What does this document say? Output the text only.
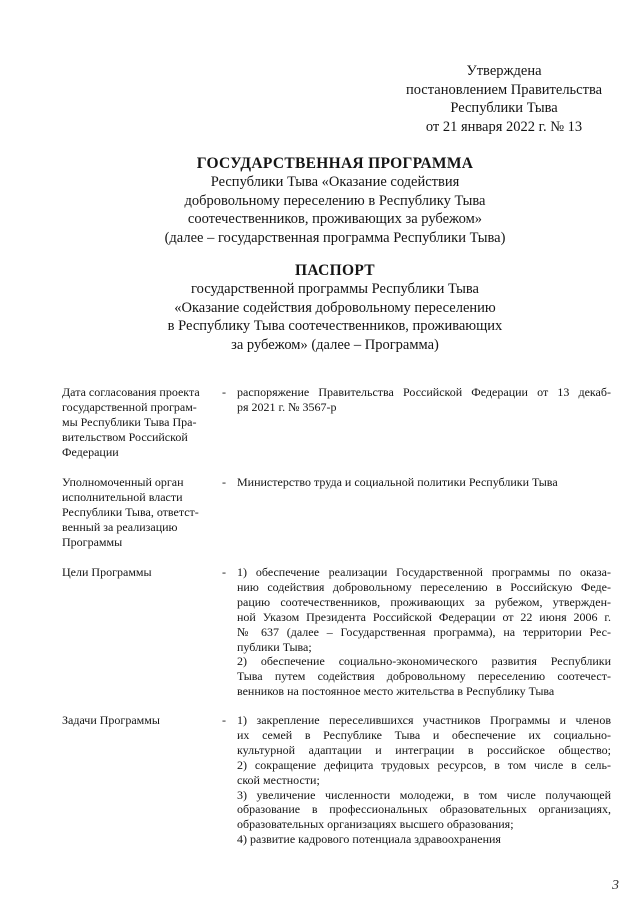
Утверждена
постановлением Правительства
Республики Тыва
от 21 января 2022 г. № 13
ГОСУДАРСТВЕННАЯ ПРОГРАММА
Республики Тыва «Оказание содействия
добровольному переселению в Республику Тыва
соотечественников, проживающих за рубежом»
(далее – государственная программа Республики Тыва)
ПАСПОРТ
государственной программы Республики Тыва
«Оказание содействия добровольному переселению
в Республику Тыва соотечественников, проживающих
за рубежом» (далее – Программа)
Дата согласования проекта
государственной програм-
мы Республики Тыва Пра-
вительством Российской
Федерации
- распоряжение Правительства Российской Федерации от 13 декаб-
ря 2021 г. № 3567-р
Уполномоченный орган
исполнительной власти
Республики Тыва, ответст-
венный за реализацию
Программы
- Министерство труда и социальной политики Республики Тыва
Цели Программы	- 1) обеспечение реализации Государственной программы по оказа-
нию содействия добровольному переселению в Российскую Феде-
рацию соотечественников, проживающих за рубежом, утвержден-
ной Указом Президента Российской Федерации от 22 июня 2006 г.
№ 637 (далее – Государственная программа), на территории Рес-
публики Тыва;
2) обеспечение социально-экономического развития Республики
Тыва путем содействия добровольному переселению соотечест-
венников на постоянное место жительства в Республику Тыва
Задачи Программы	- 1) закрепление переселившихся участников Программы и членов
их семей в Республике Тыва и обеспечение их социально-
культурной адаптации и интеграции в российское общество;
2) сокращение дефицита трудовых ресурсов, в том числе в сель-
ской местности;
3) увеличение численности молодежи, в том числе получающей
образование в профессиональных образовательных организациях,
образовательных организациях высшего образования;
4) развитие кадрового потенциала здравоохранения
3
